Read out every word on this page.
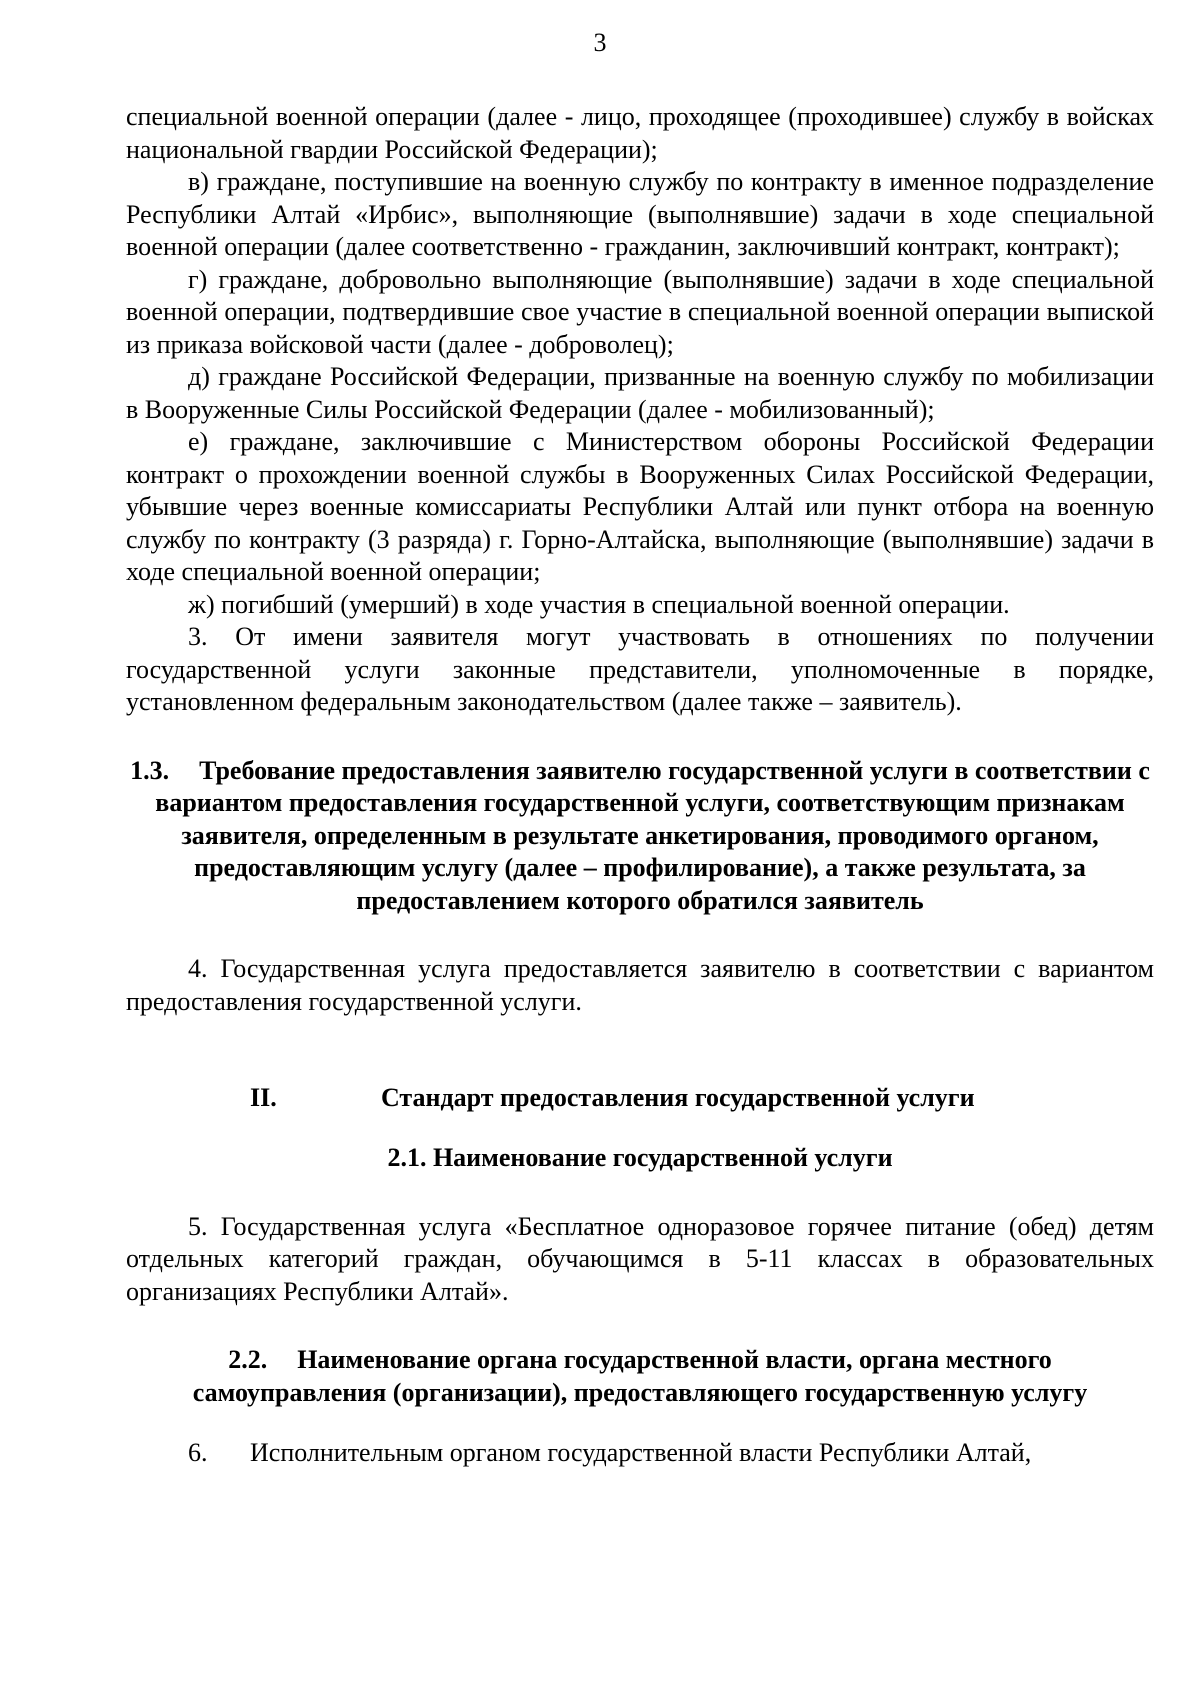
3

специальной военной операции (далее - лицо, проходящее (проходившее) службу в войсках национальной гвардии Российской Федерации);

в) граждане, поступившие на военную службу по контракту в именное подразделение Республики Алтай «Ирбис», выполняющие (выполнявшие) задачи в ходе специальной военной операции (далее соответственно - гражданин, заключивший контракт, контракт);

г) граждане, добровольно выполняющие (выполнявшие) задачи в ходе специальной военной операции, подтвердившие свое участие в специальной военной операции выпиской из приказа войсковой части (далее - доброволец);

д) граждане Российской Федерации, призванные на военную службу по мобилизации в Вооруженные Силы Российской Федерации (далее - мобилизованный);

е) граждане, заключившие с Министерством обороны Российской Федерации контракт о прохождении военной службы в Вооруженных Силах Российской Федерации, убывшие через военные комиссариаты Республики Алтай или пункт отбора на военную службу по контракту (3 разряда) г. Горно-Алтайска, выполняющие (выполнявшие) задачи в ходе специальной военной операции;

ж) погибший (умерший) в ходе участия в специальной военной операции.

3. От имени заявителя могут участвовать в отношениях по получении государственной услуги законные представители, уполномоченные в порядке, установленном федеральным законодательством (далее также – заявитель).

1.3. Требование предоставления заявителю государственной услуги в соответствии с вариантом предоставления государственной услуги, соответствующим признакам заявителя, определенным в результате анкетирования, проводимого органом, предоставляющим услугу (далее – профилирование), а также результата, за предоставлением которого обратился заявитель

4. Государственная услуга предоставляется заявителю в соответствии с вариантом предоставления государственной услуги.

II.	Стандарт предоставления государственной услуги

2.1. Наименование государственной услуги

5. Государственная услуга «Бесплатное одноразовое горячее питание (обед) детям отдельных категорий граждан, обучающимся в 5-11 классах в образовательных организациях Республики Алтай».

2.2. Наименование органа государственной власти, органа местного самоуправления (организации), предоставляющего государственную услугу

6. Исполнительным органом государственной власти Республики Алтай,
